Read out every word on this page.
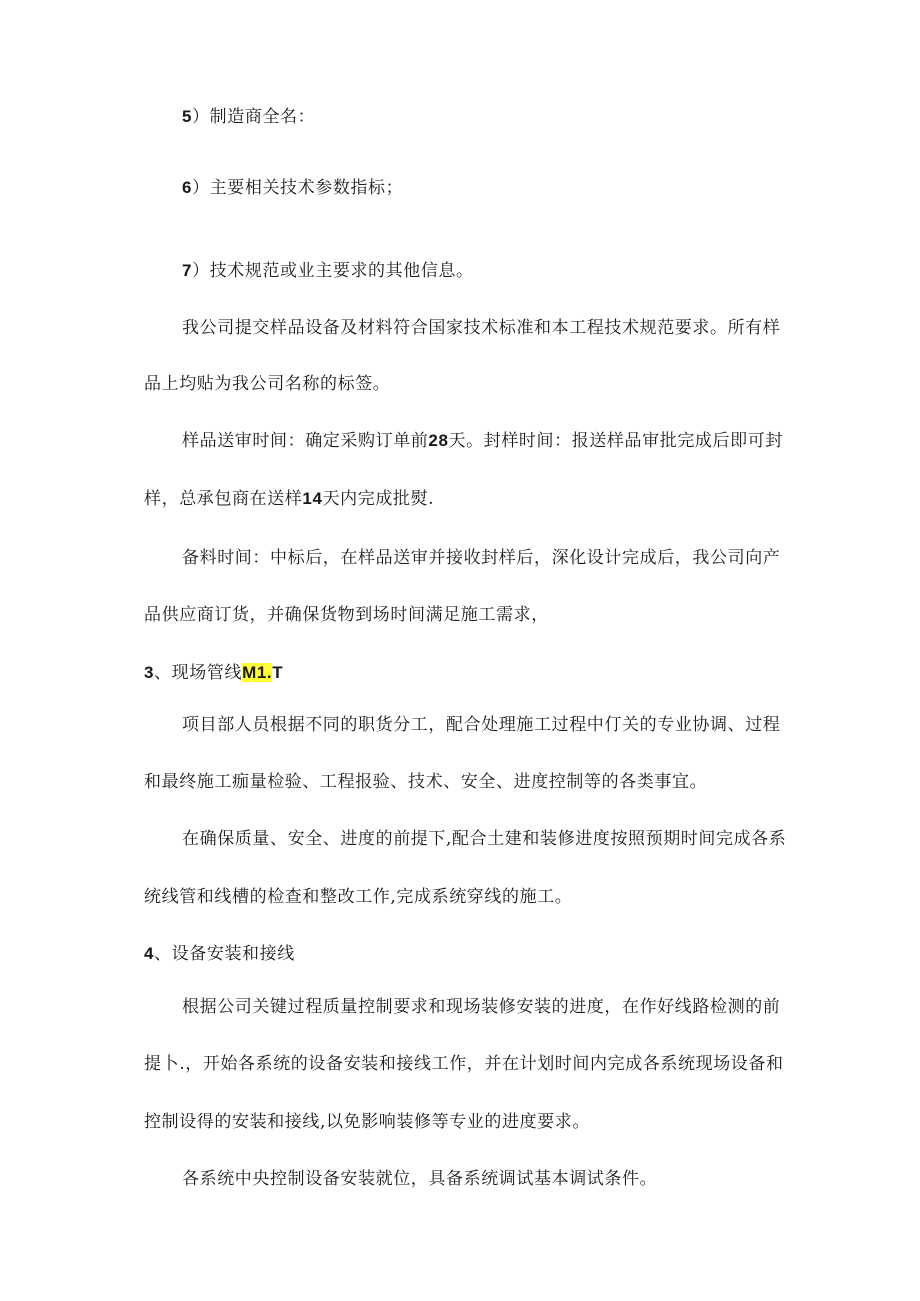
5）制造商全名：
6）主要相关技术参数指标；
7）技术规范或业主要求的其他信息。
我公司提交样品设备及材料符合国家技术标准和本工程技术规范要求。所有样
品上均贴为我公司名称的标签。
样品送审时间：确定采购订单前28天。封样时间：报送样品审批完成后即可封
样，总承包商在送样14天内完成批熨.
备料时间：中标后，在样品送审并接收封样后，深化设计完成后，我公司向产
品供应商订货，并确保货物到场时间满足施工需求，
3、现场管线M1.T
项目部人员根据不同的职货分工，配合处理施工过程中仃关的专业协调、过程
和最终施工痂量检验、工程报验、技术、安全、进度控制等的各类事宜。
在确保质量、安全、进度的前提下,配合土建和装修进度按照预期时间完成各系
统线管和线槽的检查和整改工作,完成系统穿线的施工。
4、设备安装和接线
根据公司关键过程质量控制要求和现场装修安装的进度，在作好线路检测的前
提卜.，开始各系统的设备安装和接线工作，并在计划时间内完成各系统现场设备和
控制设得的安装和接线,以免影响装修等专业的进度要求。
各系统中央控制设备安装就位，具备系统调试基本调试条件。
